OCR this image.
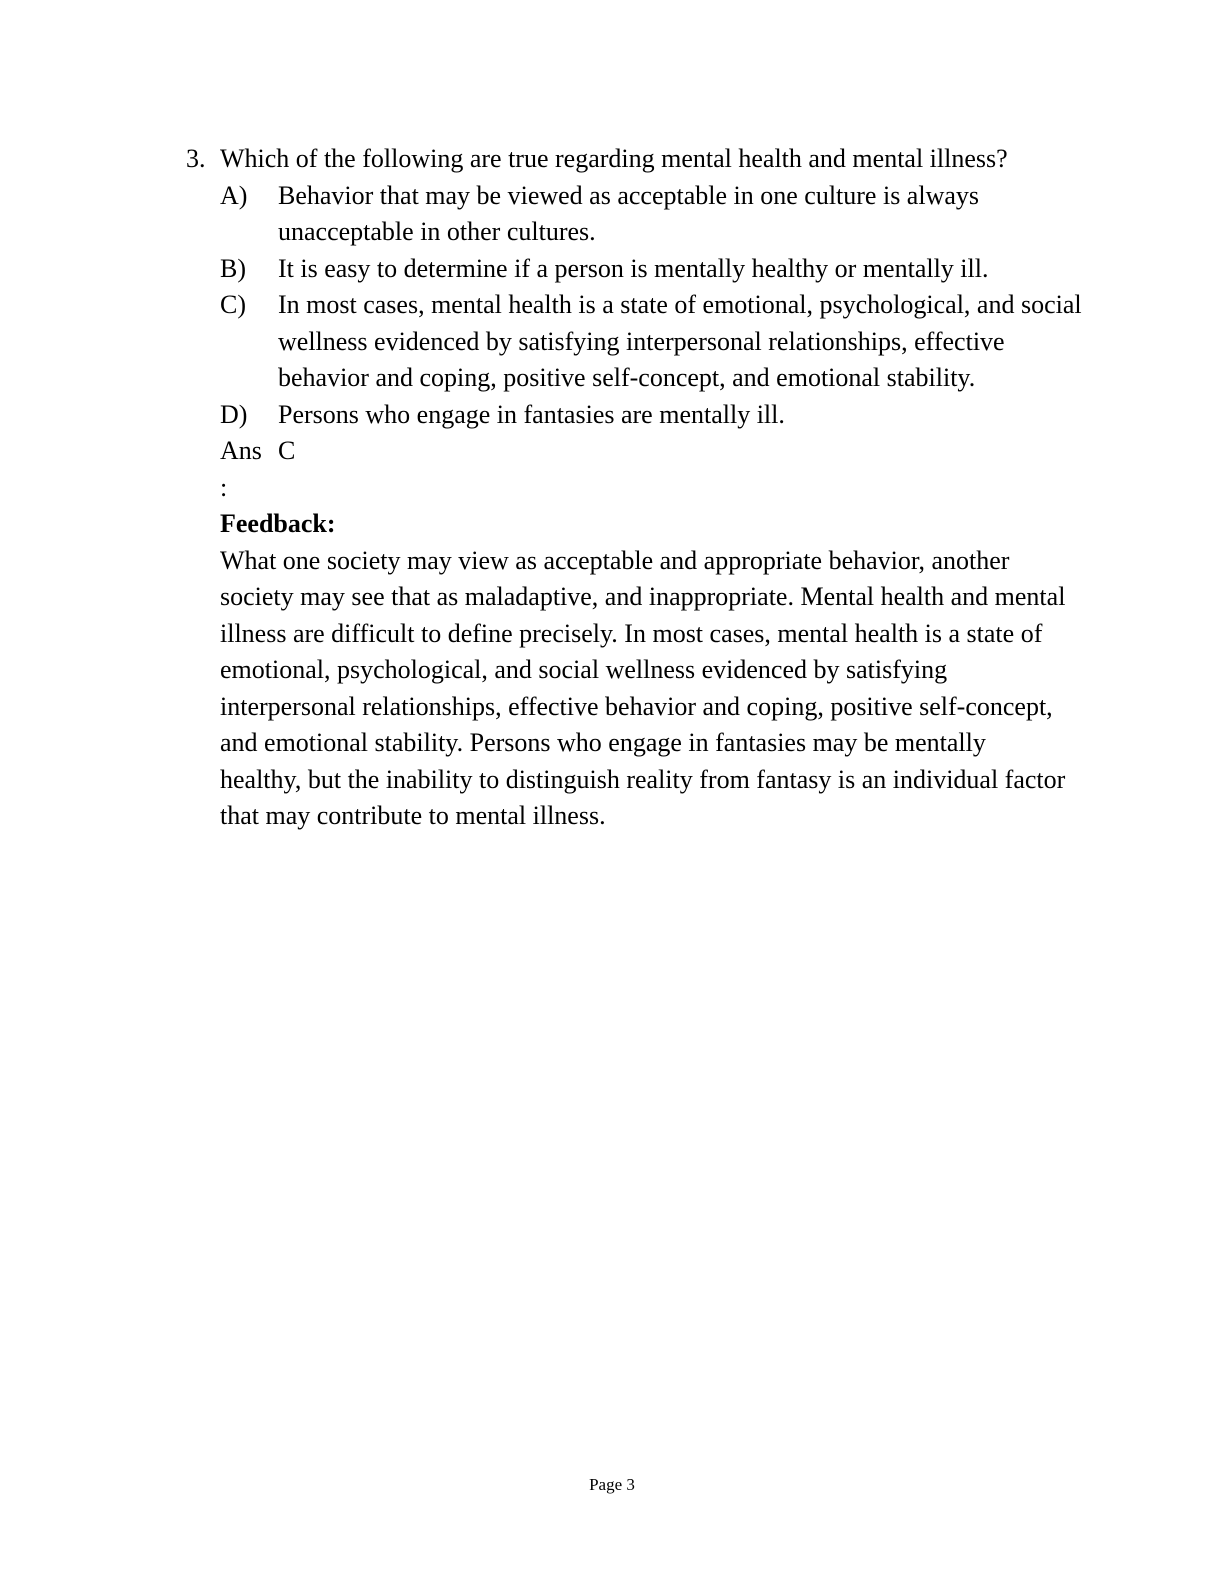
3. Which of the following are true regarding mental health and mental illness?

A)	Behavior that may be viewed as acceptable in one culture is always unacceptable in other cultures.
B)	It is easy to determine if a person is mentally healthy or mentally ill.
C)	In most cases, mental health is a state of emotional, psychological, and social wellness evidenced by satisfying interpersonal relationships, effective behavior and coping, positive self-concept, and emotional stability.
D)	Persons who engage in fantasies are mentally ill.
Ans
:
C

Feedback:

What one society may view as acceptable and appropriate behavior, another society may see that as maladaptive, and inappropriate. Mental health and mental illness are difficult to define precisely. In most cases, mental health is a state of emotional, psychological, and social wellness evidenced by satisfying interpersonal relationships, effective behavior and coping, positive self-concept, and emotional stability. Persons who engage in fantasies may be mentally healthy, but the inability to distinguish reality from fantasy is an individual factor that may contribute to mental illness.

Page 3
